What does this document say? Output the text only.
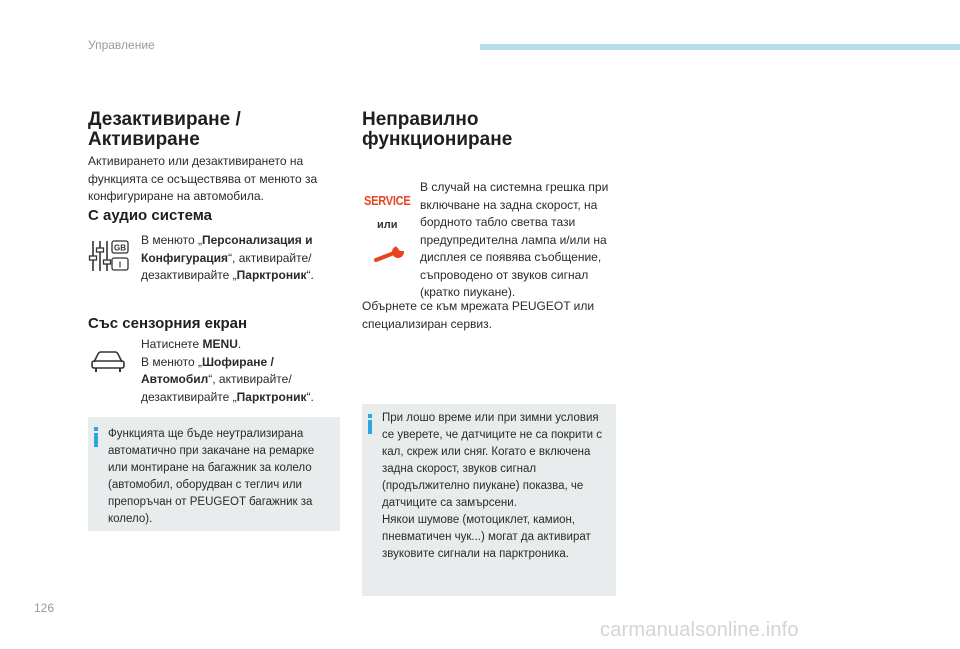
Управление
Дезактивиране /
Активиране
Активирането или дезактивирането на функцията се осъществява от менюто за конфигуриране на автомобила.
С аудио система
GB
I
В менюто „Персонализация и Конфигурация“, активирайте/ дезактивирайте „Парктроник“.
Със сензорния екран
Натиснете MENU.
В менюто „Шофиране / Автомобил“, активирайте/ дезактивирайте „Парктроник“.
Функцията ще бъде неутрализирана автоматично при закачане на ремарке или монтиране на багажник за колело (автомобил, оборудван с теглич или препоръчан от PEUGEOT багажник за колело).
Неправилно
функциониране
SERVICE
или
В случай на системна грешка при включване на задна скорост, на бордното табло светва тази предупредителна лампа и/или на дисплея се появява съобщение, съпроводено от звуков сигнал (кратко пиукане).
Обърнете се към мрежата PEUGEOT или специализиран сервиз.
При лошо време или при зимни условия се уверете, че датчиците не са покрити с кал, скреж или сняг. Когато е включена задна скорост, звуков сигнал (продължително пиукане) показва, че датчиците са замърсени.
Някои шумове (мотоциклет, камион, пневматичен чук...) могат да активират звуковите сигнали на парктроника.
126
carmanualsonline.info
